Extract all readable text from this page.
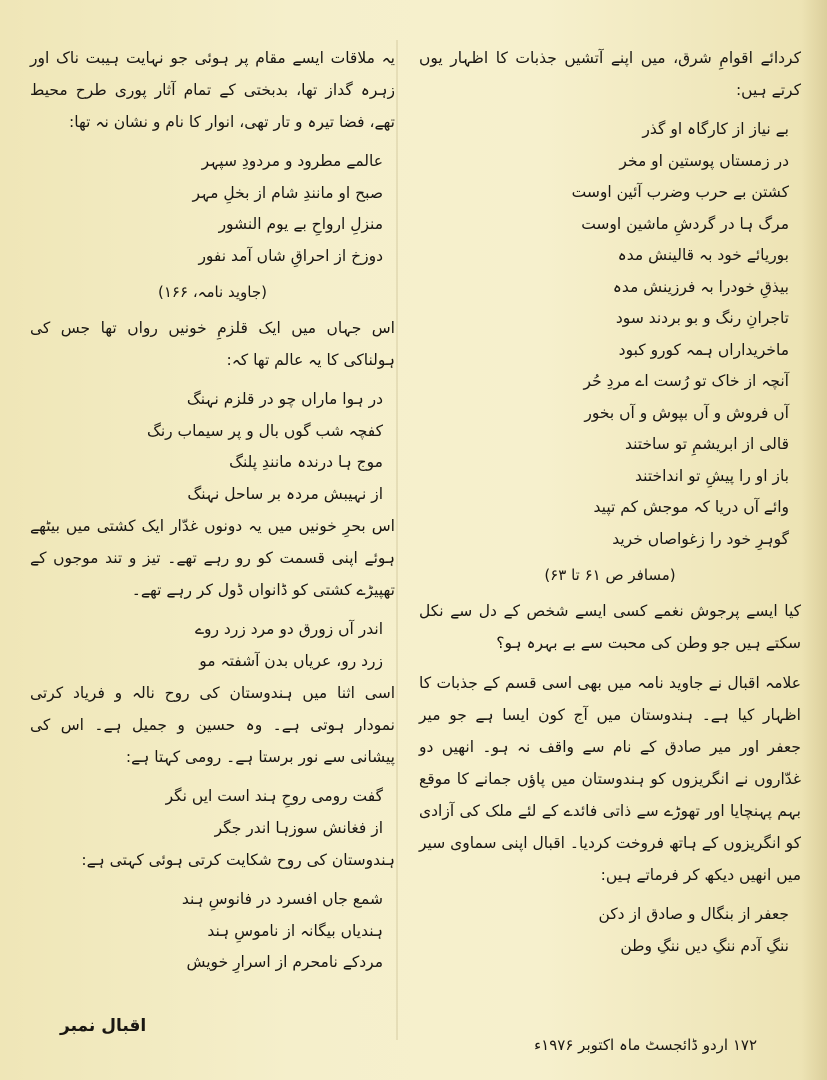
کردائے اقوامِ شرق، میں اپنے آتشیں جذبات کا اظہار یوں کرتے ہیں:

بے نیاز از کارگاہ او گذر
در زمستاں پوستین او مخر
کشتن بے حرب وضرب آئین اوست
مرگ ہا در گردشِ ماشین اوست
بوریائے خود بہ قالینش مدہ
بیذقِ خودرا بہ فرزینش مدہ
تاجرانِ رنگ و بو بردند سود
ماخریداراں ہمہ کورو کبود
آنچہ از خاک تو رُست اے مردِ حُر
آں فروش و آں بپوش و آں بخور
قالی از ابریشمِ تو ساختند
باز او را پیشِ تو انداختند
وائے آں دریا کہ موجش کم تپید
گوہرِ خود را زغواصاں خرید
(مسافر ص ۶۱ تا ۶۳)

کیا ایسے پرجوش نغمے کسی ایسے شخص کے دل سے نکل سکتے ہیں جو وطن کی محبت سے بے بہرہ ہو؟

علامہ اقبال نے جاوید نامہ میں بھی اسی قسم کے جذبات کا اظہار کیا ہے۔ ہندوستان میں آج کون ایسا ہے جو میر جعفر اور میر صادق کے نام سے واقف نہ ہو۔ انھیں دو غدّاروں نے انگریزوں کو ہندوستان میں پاؤں جمانے کا موقع بہم پہنچایا اور تھوڑے سے ذاتی فائدے کے لئے ملک کی آزادی کو انگریزوں کے ہاتھ فروخت کردیا۔ اقبال اپنی سماوی سیر میں انھیں دیکھ کر فرماتے ہیں:

جعفر از بنگال و صادق از دکن
ننگِ آدم ننگِ دیں ننگِ وطن

یہ ملاقات ایسے مقام پر ہوئی جو نہایت ہیبت ناک اور زہرہ گداز تھا، بدبختی کے تمام آثار پوری طرح محیط تھے، فضا تیرہ و تار تھی، انوار کا نام و نشان نہ تھا:

عالمے مطرود و مردودِ سپہر
صبح او مانندِ شام از بخلِ مہر
منزلِ ارواحِ بے یوم النشور
دوزخ از احراقِ شاں آمد نفور
(جاوید نامہ، ۱۶۶)

اس جہاں میں ایک قلزمِ خونیں رواں تھا جس کی ہولناکی کا یہ عالم تھا کہ:

در ہوا ماراں چو در قلزم نہنگ
کفچہ شب گوں بال و پر سیماب رنگ
موج ہا درندہ مانندِ پلنگ
از نہیبش مردہ بر ساحل نہنگ

اس بحرِ خونیں میں یہ دونوں غدّار ایک کشتی میں بیٹھے ہوئے اپنی قسمت کو رو رہے تھے۔ تیز و تند موجوں کے تھپیڑے کشتی کو ڈانواں ڈول کر رہے تھے۔

اندر آں زورق دو مرد زرد روے
زرد رو، عریاں بدن آشفتہ مو

اسی اثنا میں ہندوستان کی روح نالہ و فریاد کرتی نمودار ہوتی ہے۔ وہ حسین و جمیل ہے۔ اس کی پیشانی سے نور برستا ہے۔ رومی کہتا ہے:

گفت رومی روحِ ہند است ایں نگر
از فغانش سوزہا اندر جگر

ہندوستان کی روح شکایت کرتی ہوئی کہتی ہے:

شمع جاں افسرد در فانوسِ ہند
ہندیاں بیگانہ از ناموسِ ہند
مردکے نامحرم از اسرارِ خویش
۱۷۲ اردو ڈائجسٹ ماہ اکتوبر ۱۹۷۶ء
اقبال نمبر
